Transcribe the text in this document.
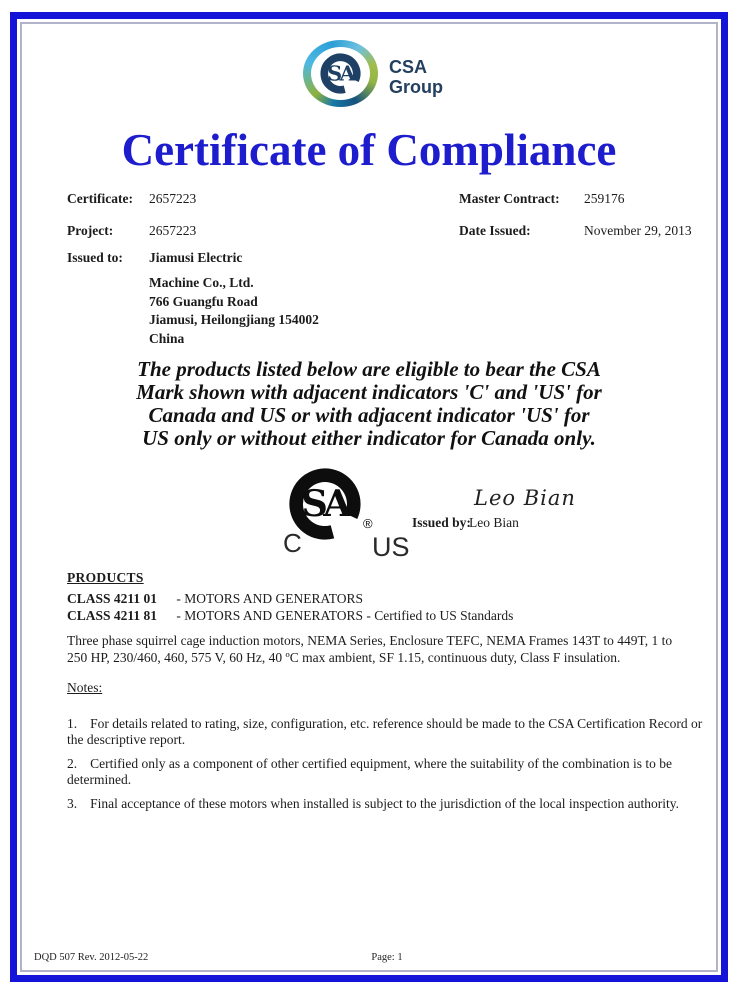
SA CSA
Group
Certificate of Compliance
Certificate: 2657223	Master Contract: 259176
Project:	2657223	Date Issued:	November 29, 2013
Issued to: Jiamusi Electric
Machine Co., Ltd.
766 Guangfu Road
Jiamusi, Heilongjiang 154002
China
The products listed below are eligible to bear the CSA
Mark shown with adjacent indicators 'C' and 'US' for
Canada and US or with adjacent indicator 'US' for
US only or without either indicator for Canada only.
SA	®
C	US
Leo Bian
Issued by:
Leo Bian
PRODUCTS
CLASS 4211 01 - MOTORS AND GENERATORS
CLASS 4211 81 - MOTORS AND GENERATORS - Certified to US Standards
Three phase squirrel cage induction motors, NEMA Series, Enclosure TEFC, NEMA Frames 143T to 449T, 1 to 250 HP, 230/460, 460, 575 V, 60 Hz, 40 ºC max ambient, SF 1.15, continuous duty, Class F insulation.
Notes:

1. For details related to rating, size, configuration, etc. reference should be made to the CSA Certification Record or the descriptive report.

2. Certified only as a component of other certified equipment, where the suitability of the combination is to be determined.

3. Final acceptance of these motors when installed is subject to the jurisdiction of the local inspection authority.

DQD 507 Rev. 2012-05-22	Page: 1
